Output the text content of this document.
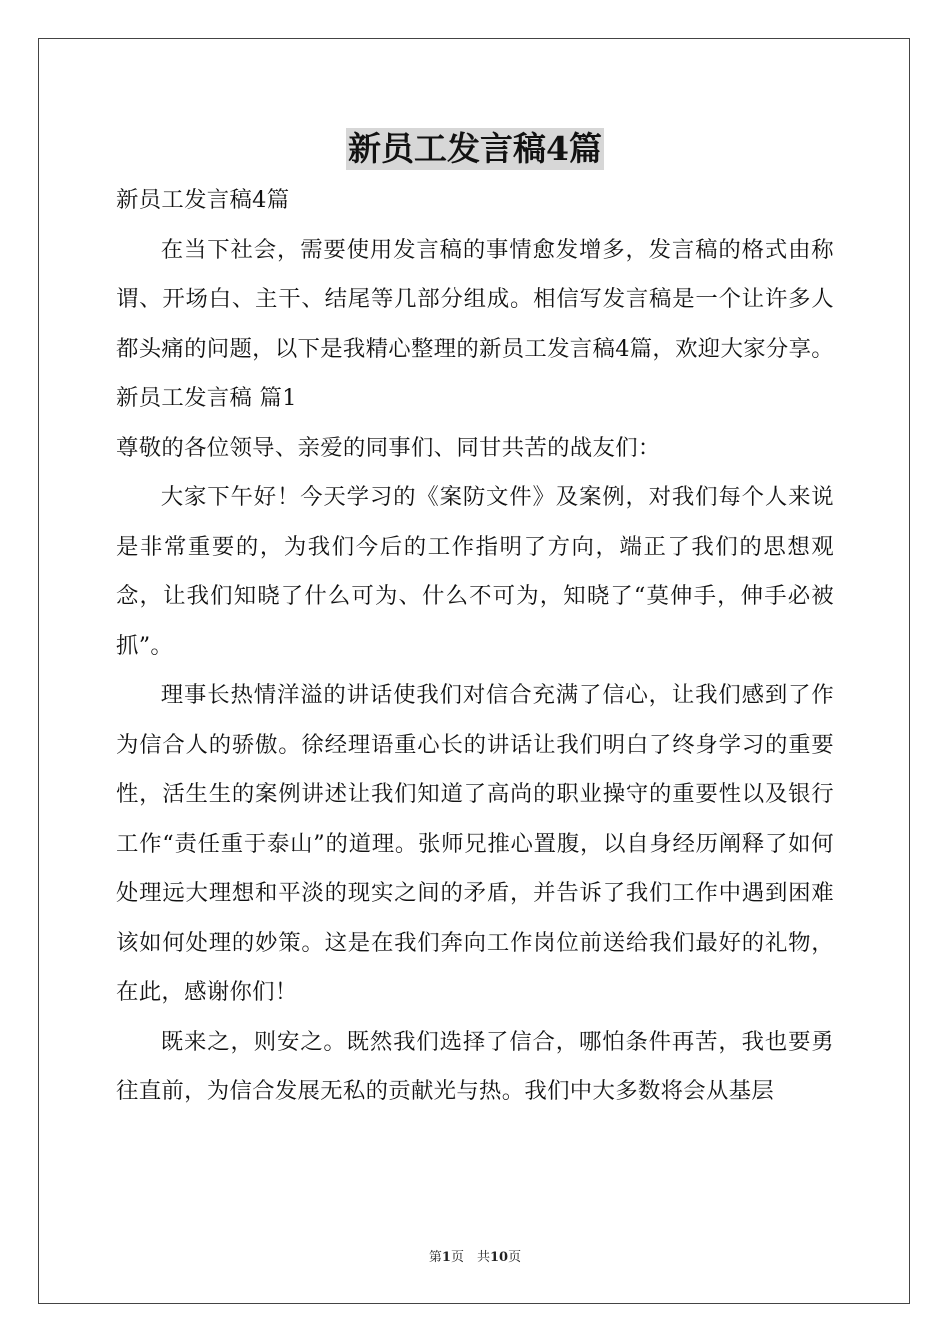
新员工发言稿4篇

新员工发言稿4篇

在当下社会，需要使用发言稿的事情愈发增多，发言稿的格式由称谓、开场白、主干、结尾等几部分组成。相信写发言稿是一个让许多人都头痛的问题，以下是我精心整理的新员工发言稿4篇，欢迎大家分享。

新员工发言稿 篇1

尊敬的各位领导、亲爱的同事们、同甘共苦的战友们：

大家下午好！今天学习的《案防文件》及案例，对我们每个人来说是非常重要的，为我们今后的工作指明了方向，端正了我们的思想观念，让我们知晓了什么可为、什么不可为，知晓了“莫伸手，伸手必被抓”。

理事长热情洋溢的讲话使我们对信合充满了信心，让我们感到了作为信合人的骄傲。徐经理语重心长的讲话让我们明白了终身学习的重要性，活生生的案例讲述让我们知道了高尚的职业操守的重要性以及银行工作“责任重于泰山”的道理。张师兄推心置腹，以自身经历阐释了如何处理远大理想和平淡的现实之间的矛盾，并告诉了我们工作中遇到困难该如何处理的妙策。这是在我们奔向工作岗位前送给我们最好的礼物，在此，感谢你们！

既来之，则安之。既然我们选择了信合，哪怕条件再苦，我也要勇往直前，为信合发展无私的贡献光与热。我们中大多数将会从基层

第1页　共10页
